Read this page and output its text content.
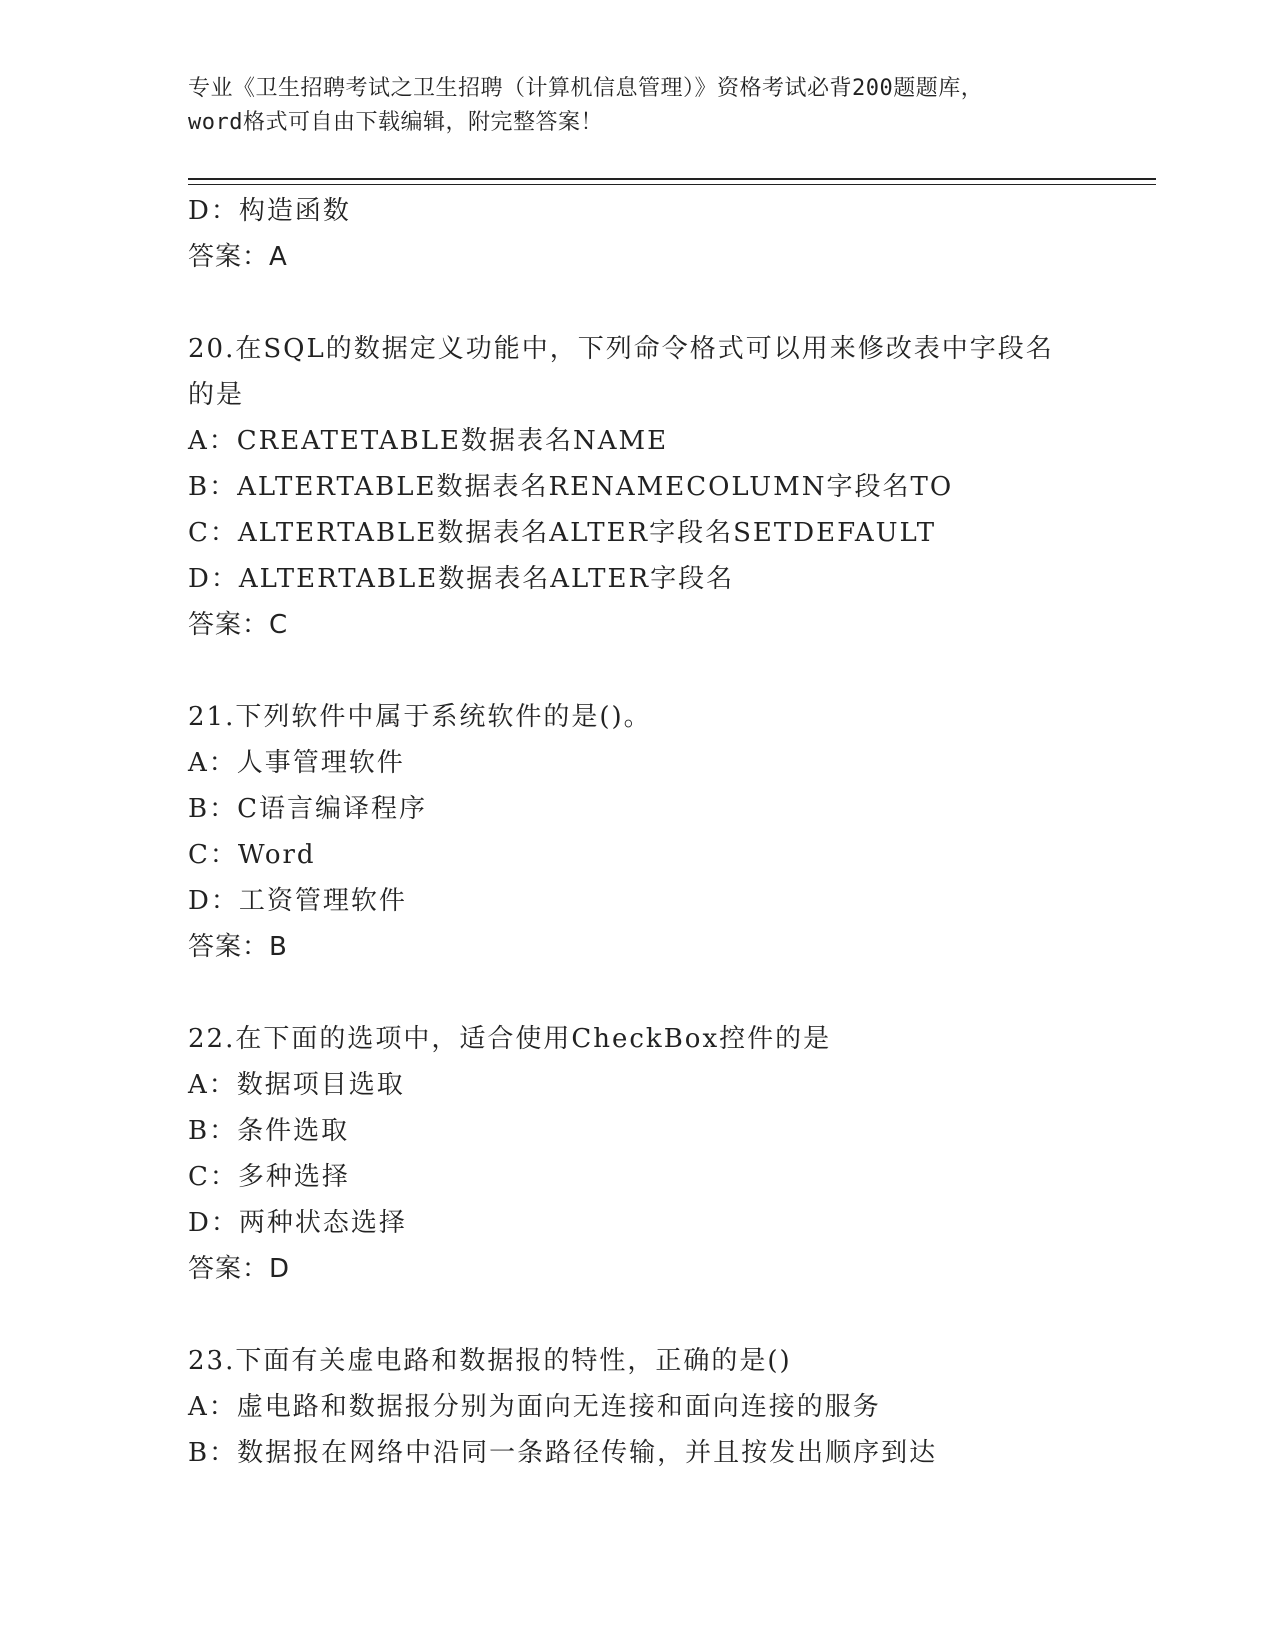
专业《卫生招聘考试之卫生招聘（计算机信息管理）》资格考试必背200题题库，
word格式可自由下载编辑，附完整答案！
D：构造函数
答案：A
20.在SQL的数据定义功能中，下列命令格式可以用来修改表中字段名
的是
A：CREATETABLE数据表名NAME
B：ALTERTABLE数据表名RENAMECOLUMN字段名TO
C：ALTERTABLE数据表名ALTER字段名SETDEFAULT
D：ALTERTABLE数据表名ALTER字段名
答案：C
21.下列软件中属于系统软件的是()。
A：人事管理软件
B：C语言编译程序
C：Word
D：工资管理软件
答案：B
22.在下面的选项中，适合使用CheckBox控件的是
A：数据项目选取
B：条件选取
C：多种选择
D：两种状态选择
答案：D
23.下面有关虚电路和数据报的特性，正确的是()
A：虚电路和数据报分别为面向无连接和面向连接的服务
B：数据报在网络中沿同一条路径传输，并且按发出顺序到达
